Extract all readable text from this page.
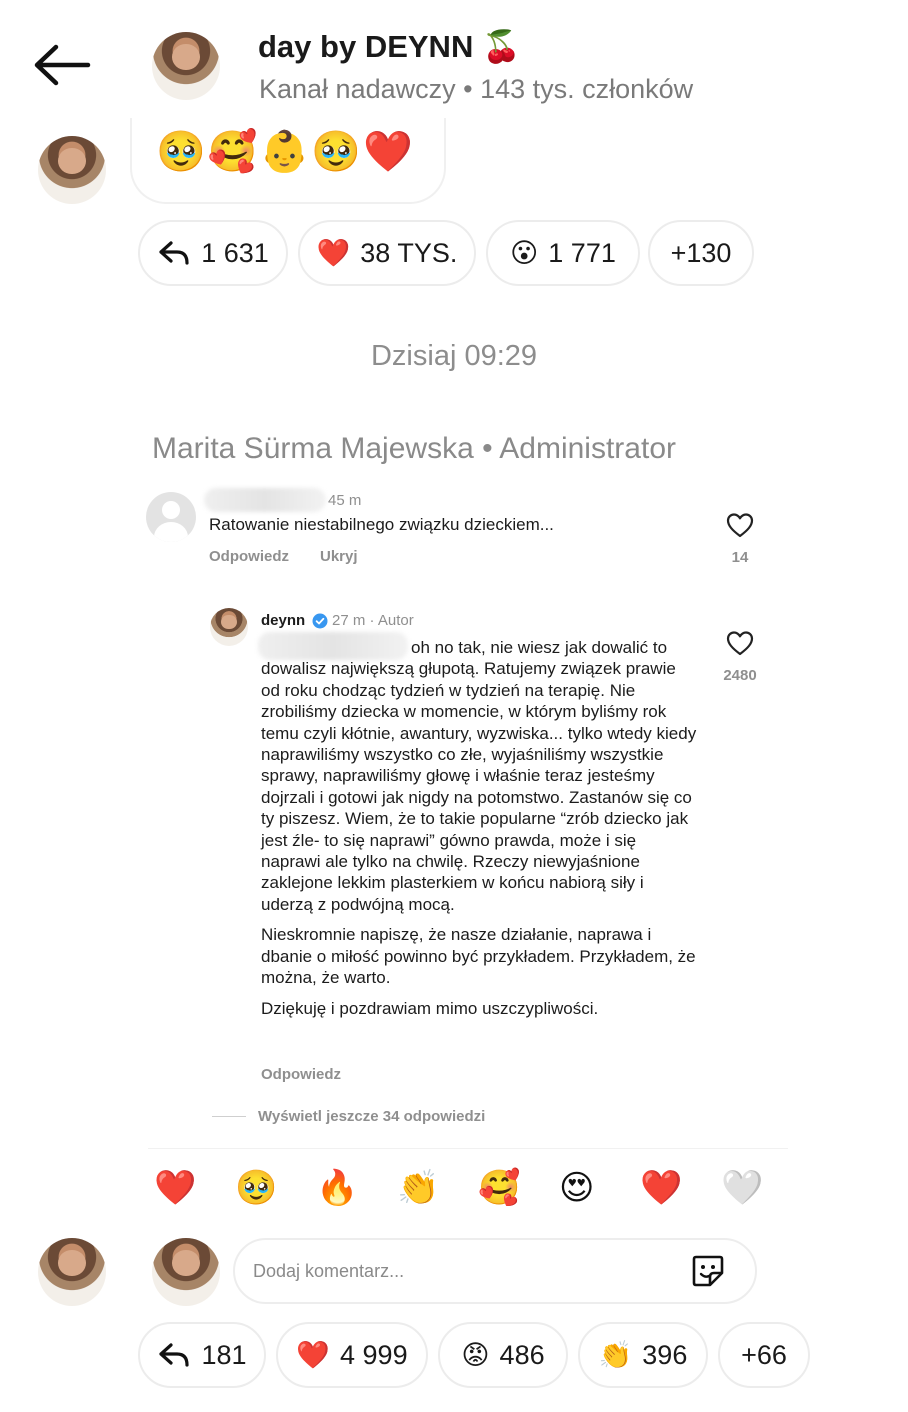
day by DEYNN 🍒
Kanał nadawczy • 143 tys. członków
🥹🥰👶🥹❤️
1 631 ❤️ 38 TYS. 😮 1 771 +130
Dzisiaj 09:29
Marita Sürma Majewska • Administrator
45 m
Ratowanie niestabilnego związku dzieckiem...
Odpowiedz Ukryj	14
deynn 27 m · Autor

oh no tak, nie wiesz jak dowalić to dowalisz największą głupotą. Ratujemy związek prawie od roku chodząc tydzień w tydzień na terapię. Nie zrobiliśmy dziecka w momencie, w którym byliśmy rok temu czyli kłótnie, awantury, wyzwiska... tylko wtedy kiedy naprawiliśmy wszystko co złe, wyjaśniliśmy wszystkie sprawy, naprawiliśmy głowę i właśnie teraz jesteśmy dojrzali i gotowi jak nigdy na potomstwo. Zastanów się co ty piszesz. Wiem, że to takie popularne “zrób dziecko jak jest źle- to się naprawi” gówno prawda, może i się naprawi ale tylko na chwilę. Rzeczy niewyjaśnione zaklejone lekkim plasterkiem w końcu nabiorą siły i uderzą z podwójną mocą.

Nieskromnie napiszę, że nasze działanie, naprawa i dbanie o miłość powinno być przykładem. Przykładem, że można, że warto.

Dziękuję i pozdrawiam mimo uszczypliwości.

Odpowiedz
2480
Wyświetl jeszcze 34 odpowiedzi
❤️ 🥹 🔥 👏 🥰 😍 ❤️ 🤍
Dodaj komentarz...
181 ❤️ 4 999 😡 486 👏 396 +66
